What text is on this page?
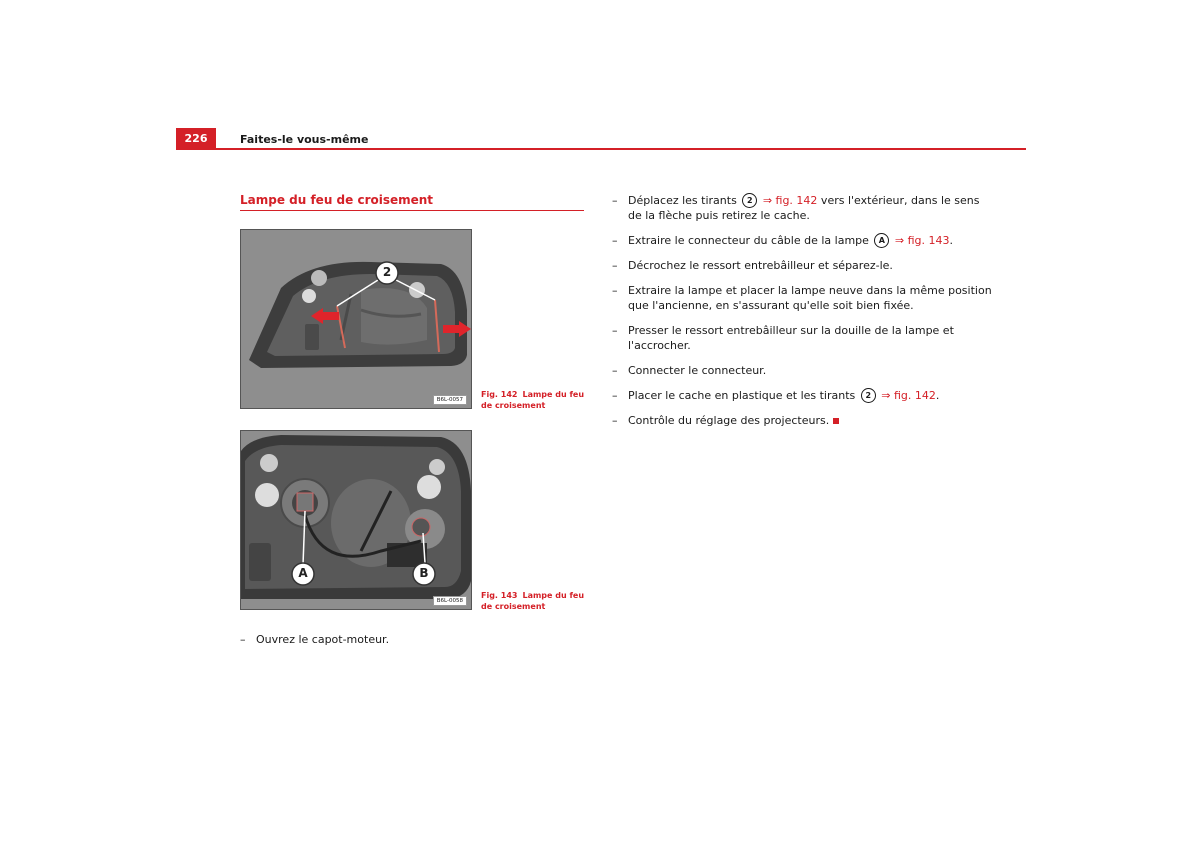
226	Faites-le vous-même
Lampe du feu de croisement
2
B6L-0057
Fig. 142 Lampe du feu de croisement
A	B
B6L-0058
Fig. 143 Lampe du feu de croisement
– Ouvrez le capot-moteur.
– Déplacez les tirants 2 ⇒ fig. 142 vers l'extérieur, dans le sens
de la flèche puis retirez le cache.
– Extraire le connecteur du câble de la lampe A ⇒ fig. 143.
– Décrochez le ressort entrebâilleur et séparez-le.
– Extraire la lampe et placer la lampe neuve dans la même position
que l'ancienne, en s'assurant qu'elle soit bien fixée.
– Presser le ressort entrebâilleur sur la douille de la lampe et
l'accrocher.
– Connecter le connecteur.
– Placer le cache en plastique et les tirants 2 ⇒ fig. 142.
– Contrôle du réglage des projecteurs.
